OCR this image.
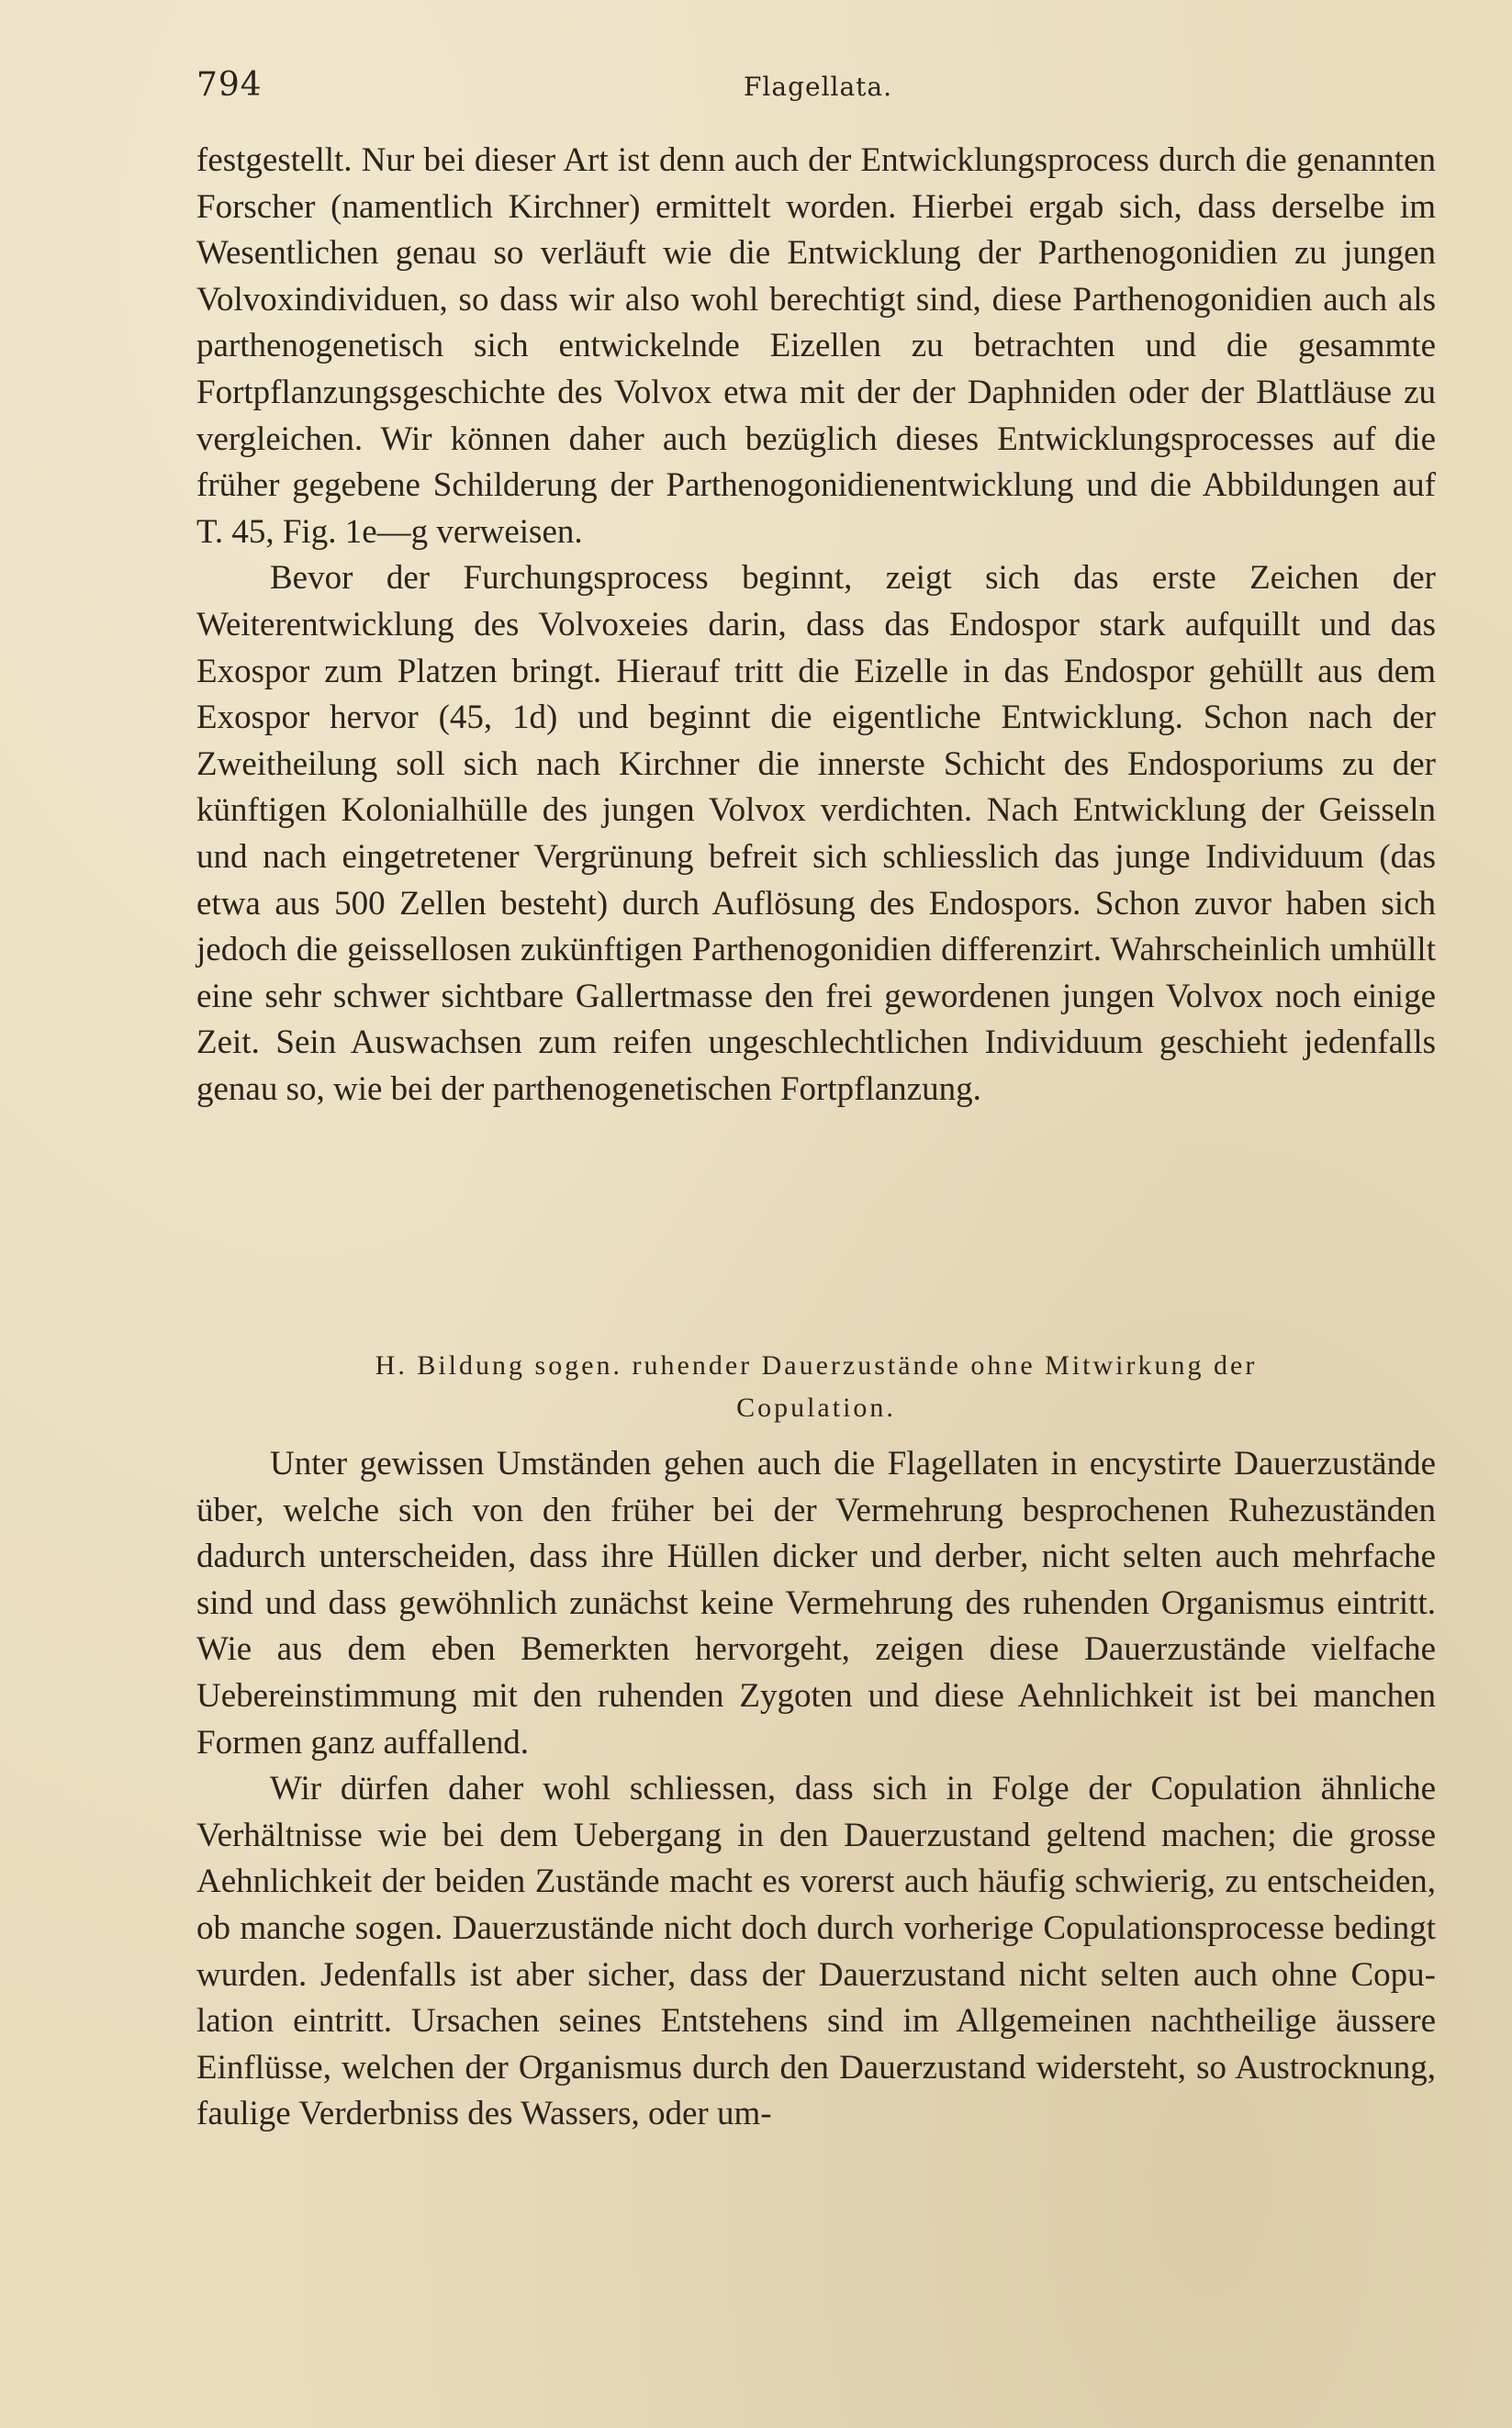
794	Flagellata.

festgestellt. Nur bei dieser Art ist denn auch der Entwicklungsprocess durch die genannten Forscher (namentlich Kirchner) ermittelt worden. Hierbei ergab sich, dass derselbe im Wesentlichen genau so verläuft wie die Entwicklung der Parthenogonidien zu jungen Volvoxindividuen, so dass wir also wohl berechtigt sind, diese Parthenogonidien auch als parthenogenetisch sich entwickelnde Eizellen zu betrachten und die gesammte Fortpflanzungsgeschichte des Volvox etwa mit der der Daphniden oder der Blattläuse zu vergleichen. Wir können daher auch bezüglich dieses Entwicklungsprocesses auf die früher gegebene Schilderung der Parthenogonidienentwicklung und die Abbildungen auf T. 45, Fig. 1e—g verweisen.

Bevor der Furchungsprocess beginnt, zeigt sich das erste Zeichen der Weiterentwicklung des Volvoxeies darin, dass das Endospor stark aufquillt und das Exospor zum Platzen bringt. Hierauf tritt die Eizelle in das Endospor gehüllt aus dem Exospor hervor (45, 1d) und beginnt die eigentliche Entwicklung. Schon nach der Zweitheilung soll sich nach Kirchner die innerste Schicht des Endosporiums zu der künftigen Kolonialhülle des jungen Volvox verdichten. Nach Entwicklung der Geisseln und nach eingetretener Vergrünung befreit sich schliesslich das junge Individuum (das etwa aus 500 Zellen besteht) durch Auflösung des Endospors. Schon zuvor haben sich jedoch die geissellosen zukünftigen Parthenogonidien differenzirt. Wahrscheinlich umhüllt eine sehr schwer sichtbare Gallertmasse den frei gewordenen jungen Volvox noch einige Zeit. Sein Auswachsen zum reifen ungeschlechtlichen Individuum geschieht jedenfalls genau so, wie bei der parthenogenetischen Fortpflanzung.

H. Bildung sogen. ruhender Dauerzustände ohne Mitwirkung der
Copulation.

Unter gewissen Umständen gehen auch die Flagellaten in encystirte Dauerzustände über, welche sich von den früher bei der Vermehrung besprochenen Ruhezuständen dadurch unterscheiden, dass ihre Hüllen dicker und derber, nicht selten auch mehrfache sind und dass gewöhnlich zunächst keine Vermehrung des ruhenden Organismus eintritt. Wie aus dem eben Bemerkten hervorgeht, zeigen diese Dauerzustände vielfache Uebereinstimmung mit den ruhenden Zygoten und diese Aehnlichkeit ist bei manchen Formen ganz auffallend.

Wir dürfen daher wohl schliessen, dass sich in Folge der Copulation ähnliche Verhältnisse wie bei dem Uebergang in den Dauerzustand geltend machen; die grosse Aehnlichkeit der beiden Zustände macht es vorerst auch häufig schwierig, zu entscheiden, ob manche sogen. Dauerzustände nicht doch durch vorherige Copulationsprocesse bedingt wurden. Jedenfalls ist aber sicher, dass der Dauerzustand nicht selten auch ohne Copulation eintritt. Ursachen seines Entstehens sind im Allgemeinen nachtheilige äussere Einflüsse, welchen der Organismus durch den Dauerzustand widersteht, so Austrocknung, faulige Verderbniss des Wassers, oder um-
